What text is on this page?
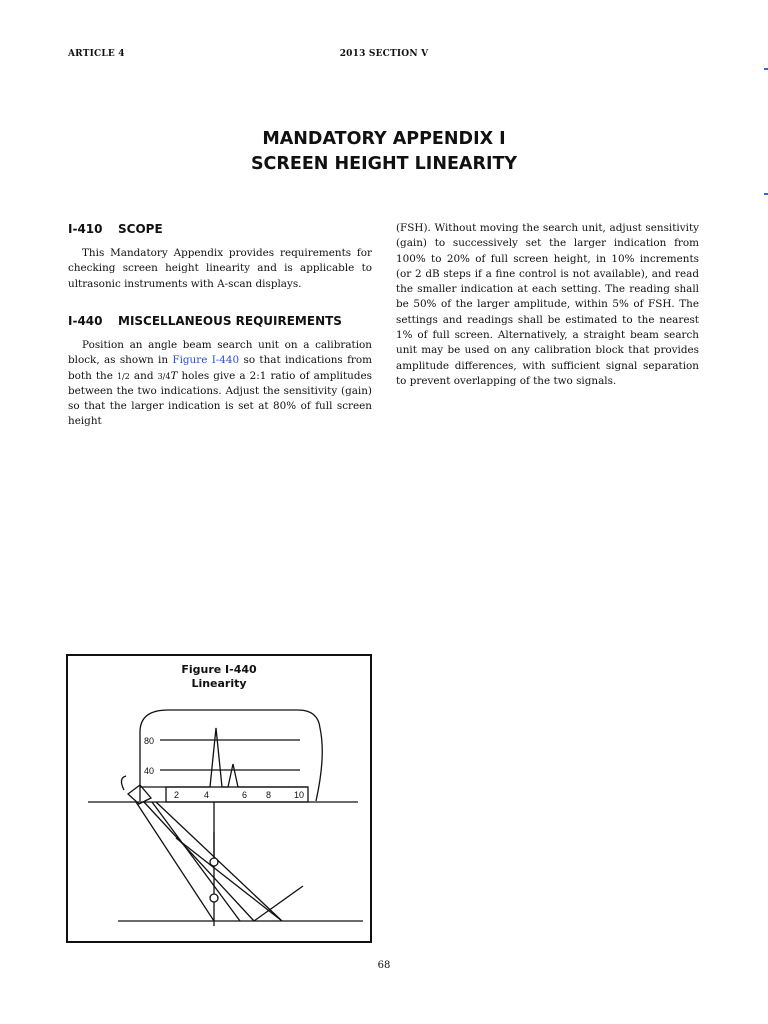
ARTICLE 4	2013 SECTION V
MANDATORY APPENDIX I
SCREEN HEIGHT LINEARITY
I-410 SCOPE
This Mandatory Appendix provides requirements for checking screen height linearity and is applicable to ultrasonic instruments with A-scan displays.
I-440 MISCELLANEOUS REQUIREMENTS
Position an angle beam search unit on a calibration block, as shown in Figure I-440 so that indications from both the 1/2 and 3/4T holes give a 2:1 ratio of amplitudes between the two indications. Adjust the sensitivity (gain) so that the larger indication is set at 80% of full screen height
(FSH). Without moving the search unit, adjust sensitivity (gain) to successively set the larger indication from 100% to 20% of full screen height, in 10% increments (or 2 dB steps if a fine control is not available), and read the smaller indication at each setting. The reading shall be 50% of the larger amplitude, within 5% of FSH. The settings and readings shall be estimated to the nearest 1% of full screen. Alternatively, a straight beam search unit may be used on any calibration block that provides amplitude differences, with sufficient signal separation to prevent overlapping of the two signals.
Figure I-440
Linearity
80
40
2	4	6 8	10
68
